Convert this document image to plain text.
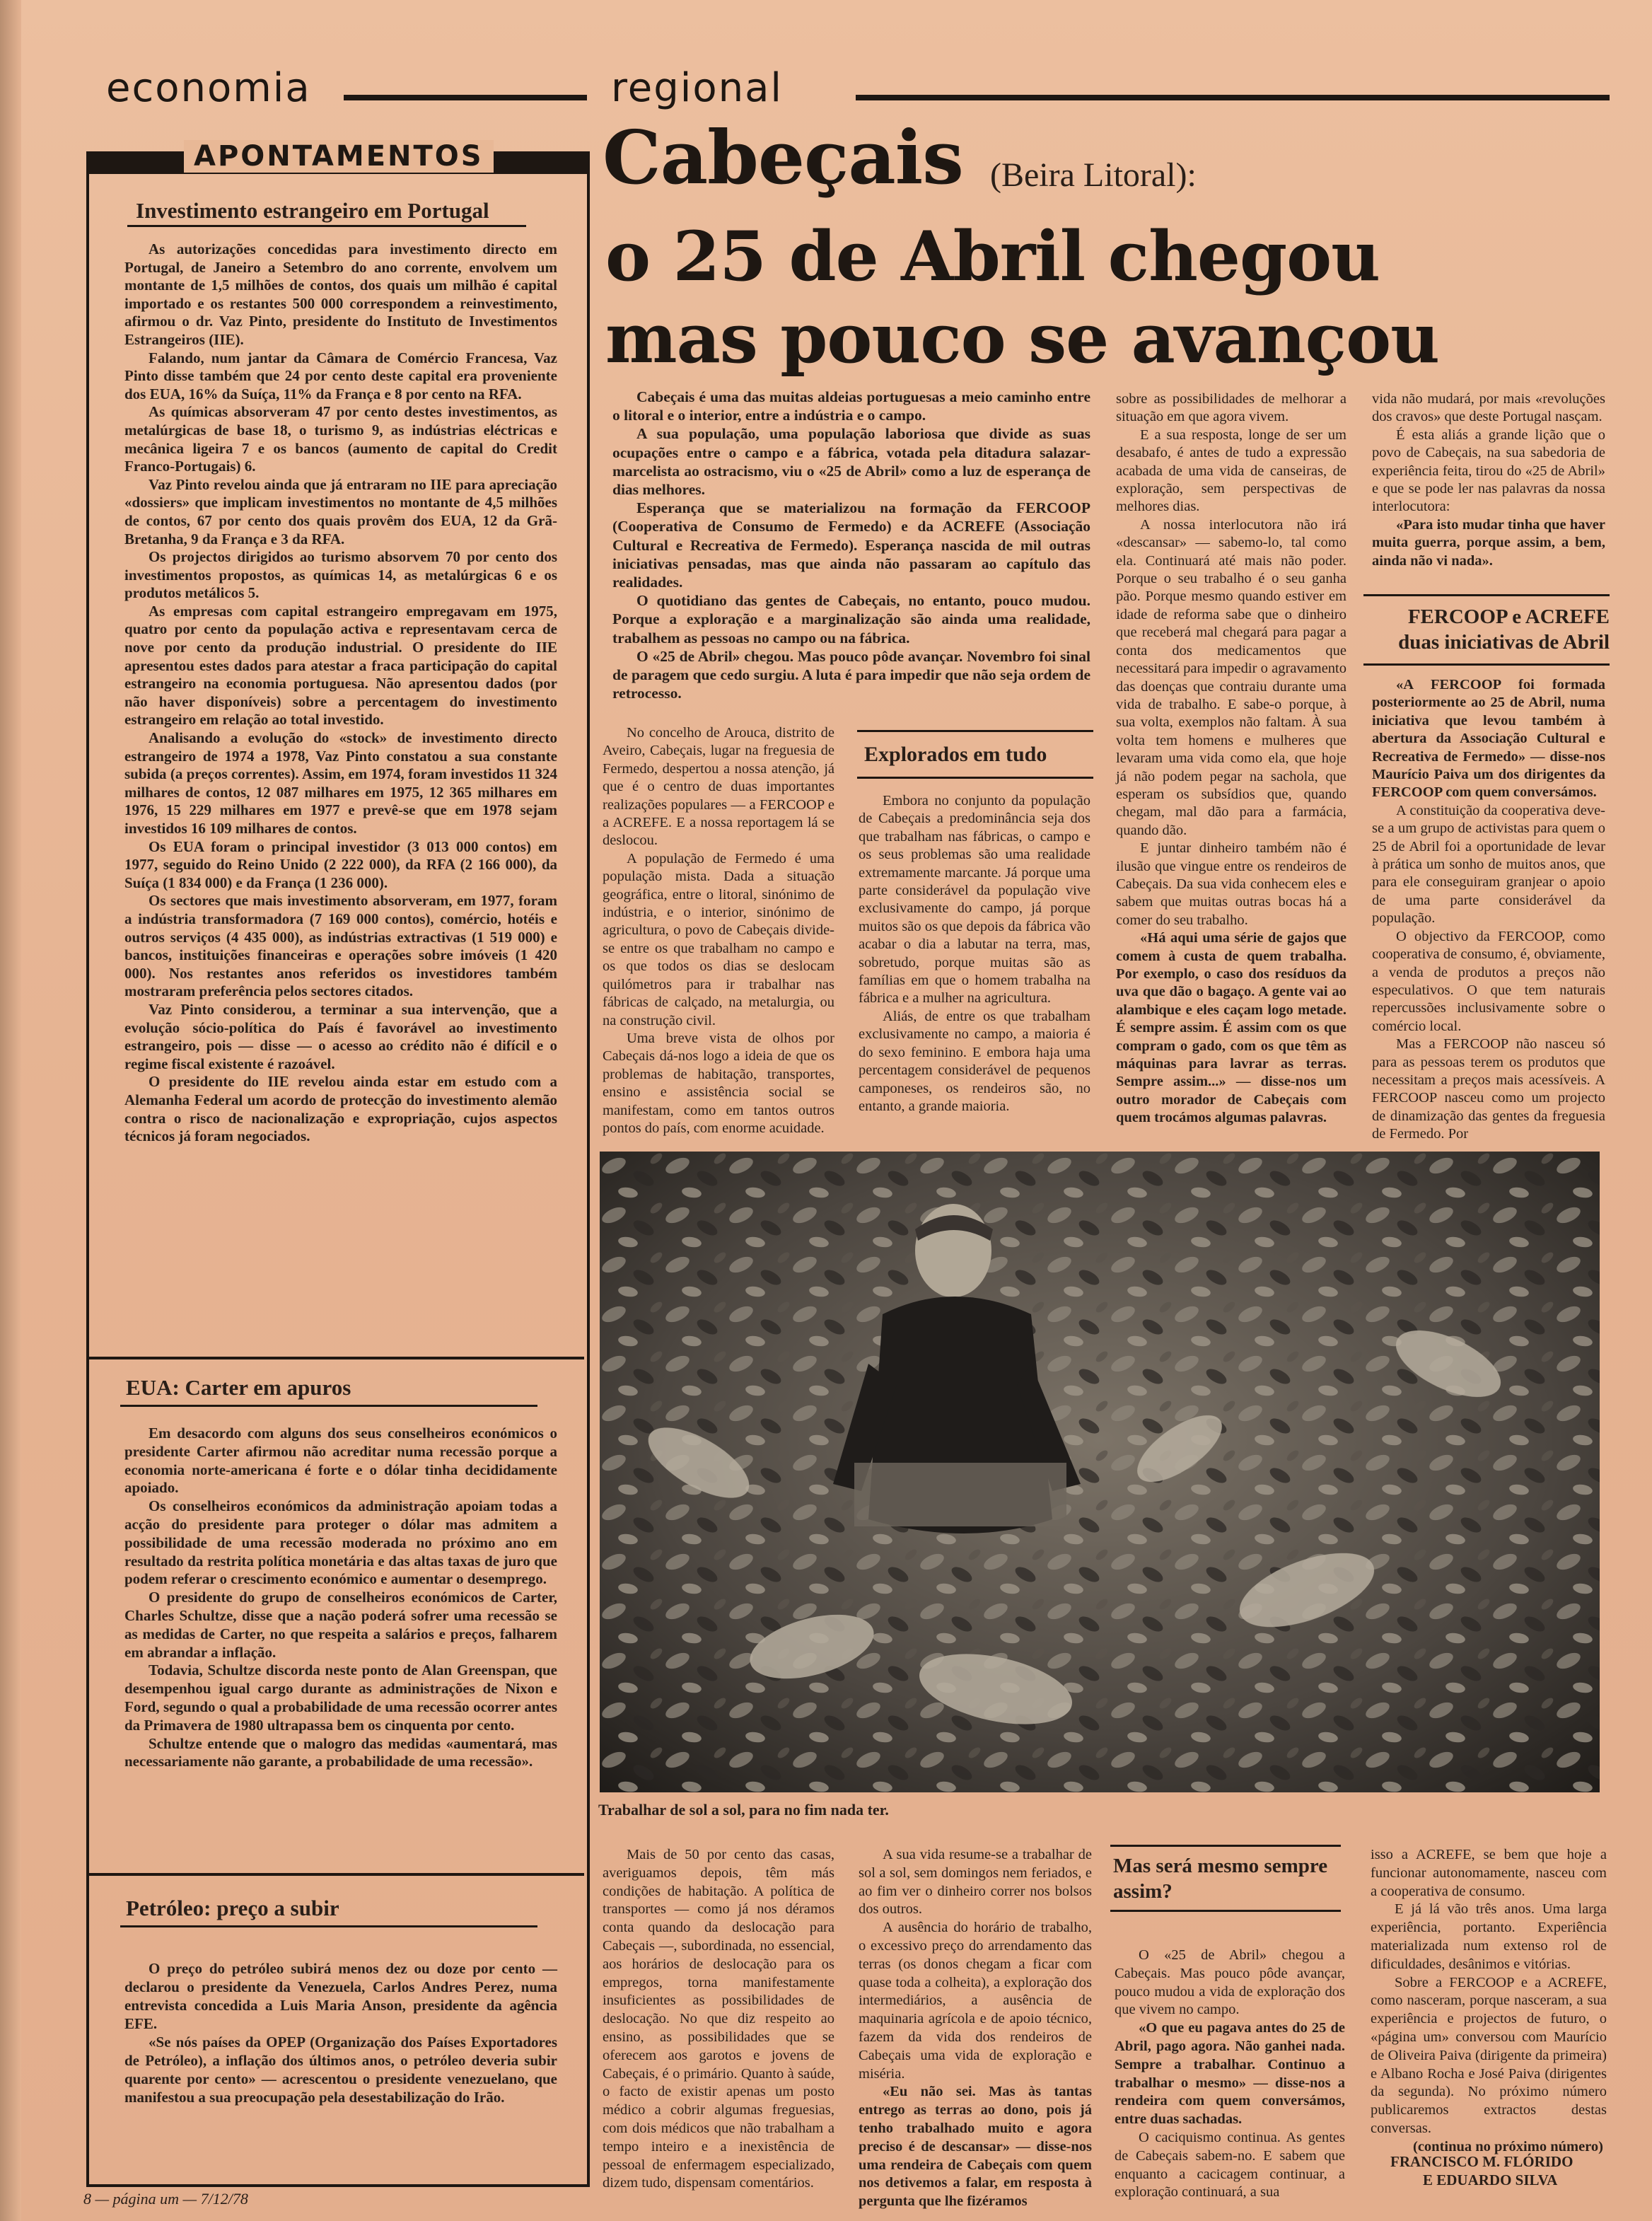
economia	regional
APONTAMENTOS
Investimento estrangeiro em Portugal

As autorizações concedidas para investimento directo em Portugal, de Janeiro a Setembro do ano corrente, envolvem um montante de 1,5 milhões de contos, dos quais um milhão é capital importado e os restantes 500 000 correspondem a reinvestimento, afirmou o dr. Vaz Pinto, presidente do Instituto de Investimentos Estrangeiros (IIE).

Falando, num jantar da Câmara de Comércio Francesa, Vaz Pinto disse também que 24 por cento deste capital era proveniente dos EUA, 16% da Suíça, 11% da França e 8 por cento na RFA.

As químicas absorveram 47 por cento destes investimentos, as metalúrgicas de base 18, o turismo 9, as indústrias eléctricas e mecânica ligeira 7 e os bancos (aumento de capital do Credit Franco-Portugais) 6.

Vaz Pinto revelou ainda que já entraram no IIE para apreciação «dossiers» que implicam investimentos no montante de 4,5 milhões de contos, 67 por cento dos quais provêm dos EUA, 12 da Grã-Bretanha, 9 da França e 3 da RFA.

Os projectos dirigidos ao turismo absorvem 70 por cento dos investimentos propostos, as químicas 14, as metalúrgicas 6 e os produtos metálicos 5.

As empresas com capital estrangeiro empregavam em 1975, quatro por cento da população activa e representavam cerca de nove por cento da produção industrial. O presidente do IIE apresentou estes dados para atestar a fraca participação do capital estrangeiro na economia portuguesa. Não apresentou dados (por não haver disponíveis) sobre a percentagem do investimento estrangeiro em relação ao total investido.

Analisando a evolução do «stock» de investimento directo estrangeiro de 1974 a 1978, Vaz Pinto constatou a sua constante subida (a preços correntes). Assim, em 1974, foram investidos 11 324 milhares de contos, 12 087 milhares em 1975, 12 365 milhares em 1976, 15 229 milhares em 1977 e prevê-se que em 1978 sejam investidos 16 109 milhares de contos.

Os EUA foram o principal investidor (3 013 000 contos) em 1977, seguido do Reino Unido (2 222 000), da RFA (2 166 000), da Suíça (1 834 000) e da França (1 236 000).

Os sectores que mais investimento absorveram, em 1977, foram a indústria transformadora (7 169 000 contos), comércio, hotéis e outros serviços (4 435 000), as indústrias extractivas (1 519 000) e bancos, instituições financeiras e operações sobre imóveis (1 420 000). Nos restantes anos referidos os investidores também mostraram preferência pelos sectores citados.

Vaz Pinto considerou, a terminar a sua intervenção, que a evolução sócio-política do País é favorável ao investimento estrangeiro, pois — disse — o acesso ao crédito não é difícil e o regime fiscal existente é razoável.

O presidente do IIE revelou ainda estar em estudo com a Alemanha Federal um acordo de protecção do investimento alemão contra o risco de nacionalização e expropriação, cujos aspectos técnicos já foram negociados.

EUA: Carter em apuros

Em desacordo com alguns dos seus conselheiros económicos o presidente Carter afirmou não acreditar numa recessão porque a economia norte-americana é forte e o dólar tinha decididamente apoiado.

Os conselheiros económicos da administração apoiam todas a acção do presidente para proteger o dólar mas admitem a possibilidade de uma recessão moderada no próximo ano em resultado da restrita política monetária e das altas taxas de juro que podem referar o crescimento económico e aumentar o desemprego.

O presidente do grupo de conselheiros económicos de Carter, Charles Schultze, disse que a nação poderá sofrer uma recessão se as medidas de Carter, no que respeita a salários e preços, falharem em abrandar a inflação.

Todavia, Schultze discorda neste ponto de Alan Greenspan, que desempenhou igual cargo durante as administrações de Nixon e Ford, segundo o qual a probabilidade de uma recessão ocorrer antes da Primavera de 1980 ultrapassa bem os cinquenta por cento.

Schultze entende que o malogro das medidas «aumentará, mas necessariamente não garante, a probabilidade de uma recessão».

Petróleo: preço a subir

O preço do petróleo subirá menos dez ou doze por cento — declarou o presidente da Venezuela, Carlos Andres Perez, numa entrevista concedida a Luis Maria Anson, presidente da agência EFE.

«Se nós países da OPEP (Organização dos Países Exportadores de Petróleo), a inflação dos últimos anos, o petróleo deveria subir quarente por cento» — acrescentou o presidente venezuelano, que manifestou a sua preocupação pela desestabilização do Irão.

Cabeçais (Beira Litoral):
o 25 de Abril chegou
mas pouco se avançou

Cabeçais é uma das muitas aldeias portuguesas a meio caminho entre o litoral e o interior, entre a indústria e o campo.

A sua população, uma população laboriosa que divide as suas ocupações entre o campo e a fábrica, votada pela ditadura salazar-marcelista ao ostracismo, viu o «25 de Abril» como a luz de esperança de dias melhores.

Esperança que se materializou na formação da FERCOOP (Cooperativa de Consumo de Fermedo) e da ACREFE (Associação Cultural e Recreativa de Fermedo). Esperança nascida de mil outras iniciativas pensadas, mas que ainda não passaram ao capítulo das realidades.

O quotidiano das gentes de Cabeçais, no entanto, pouco mudou. Porque a exploração e a marginalização são ainda uma realidade, trabalhem as pessoas no campo ou na fábrica.

O «25 de Abril» chegou. Mas pouco pôde avançar. Novembro foi sinal de paragem que cedo surgiu. A luta é para impedir que não seja ordem de retrocesso.

No concelho de Arouca, distrito de Aveiro, Cabeçais, lugar na freguesia de Fermedo, despertou a nossa atenção, já que é o centro de duas importantes realizações populares — a FERCOOP e a ACREFE. E a nossa reportagem lá se deslocou.

A população de Fermedo é uma população mista. Dada a situação geográfica, entre o litoral, sinónimo de indústria, e o interior, sinónimo de agricultura, o povo de Cabeçais divide-se entre os que trabalham no campo e os que todos os dias se deslocam quilómetros para ir trabalhar nas fábricas de calçado, na metalurgia, ou na construção civil.

Uma breve vista de olhos por Cabeçais dá-nos logo a ideia de que os problemas de habitação, transportes, ensino e assistência social se manifestam, como em tantos outros pontos do país, com enorme acuidade.

Explorados em tudo

Embora no conjunto da população de Cabeçais a predominância seja dos que trabalham nas fábricas, o campo e os seus problemas são uma realidade extremamente marcante. Já porque uma parte considerável da população vive exclusivamente do campo, já porque muitos são os que depois da fábrica vão acabar o dia a labutar na terra, mas, sobretudo, porque muitas são as famílias em que o homem trabalha na fábrica e a mulher na agricultura.

Aliás, de entre os que trabalham exclusivamente no campo, a maioria é do sexo feminino. E embora haja uma percentagem considerável de pequenos camponeses, os rendeiros são, no entanto, a grande maioria.

sobre as possibilidades de melhorar a situação em que agora vivem.

E a sua resposta, longe de ser um desabafo, é antes de tudo a expressão acabada de uma vida de canseiras, de exploração, sem perspectivas de melhores dias.

A nossa interlocutora não irá «descansar» — sabemo-lo, tal como ela. Continuará até mais não poder. Porque o seu trabalho é o seu ganha pão. Porque mesmo quando estiver em idade de reforma sabe que o dinheiro que receberá mal chegará para pagar a conta dos medicamentos que necessitará para impedir o agravamento das doenças que contraiu durante uma vida de trabalho. E sabe-o porque, à sua volta, exemplos não faltam. À sua volta tem homens e mulheres que levaram uma vida como ela, que hoje já não podem pegar na sachola, que esperam os subsídios que, quando chegam, mal dão para a farmácia, quando dão.

E juntar dinheiro também não é ilusão que vingue entre os rendeiros de Cabeçais. Da sua vida conhecem eles e sabem que muitas outras bocas há a comer do seu trabalho.

«Há aqui uma série de gajos que comem à custa de quem trabalha. Por exemplo, o caso dos resíduos da uva que dão o bagaço. A gente vai ao alambique e eles caçam logo metade. É sempre assim. É assim com os que compram o gado, com os que têm as máquinas para lavrar as terras. Sempre assim...» — disse-nos um outro morador de Cabeçais com quem trocámos algumas palavras.

vida não mudará, por mais «revoluções dos cravos» que deste Portugal nasçam.

É esta aliás a grande lição que o povo de Cabeçais, na sua sabedoria de experiência feita, tirou do «25 de Abril» e que se pode ler nas palavras da nossa interlocutora:

«Para isto mudar tinha que haver muita guerra, porque assim, a bem, ainda não vi nada».

FERCOOP e ACREFE duas iniciativas de Abril

«A FERCOOP foi formada posteriormente ao 25 de Abril, numa iniciativa que levou também à abertura da Associação Cultural e Recreativa de Fermedo» — disse-nos Maurício Paiva um dos dirigentes da FERCOOP com quem conversámos.

A constituição da cooperativa deve-se a um grupo de activistas para quem o 25 de Abril foi a oportunidade de levar à prática um sonho de muitos anos, que para ele conseguiram granjear o apoio de uma parte considerável da população.

O objectivo da FERCOOP, como cooperativa de consumo, é, obviamente, a venda de produtos a preços não especulativos. O que tem naturais repercussões inclusivamente sobre o comércio local.

Mas a FERCOOP não nasceu só para as pessoas terem os produtos que necessitam a preços mais acessíveis. A FERCOOP nasceu como um projecto de dinamização das gentes da freguesia de Fermedo. Por

Trabalhar de sol a sol, para no fim nada ter.

Mais de 50 por cento das casas, averiguamos depois, têm más condições de habitação. A política de transportes — como já nos déramos conta quando da deslocação para Cabeçais —, subordinada, no essencial, aos horários de deslocação para os empregos, torna manifestamente insuficientes as possibilidades de deslocação. No que diz respeito ao ensino, as possibilidades que se oferecem aos garotos e jovens de Cabeçais, é o primário. Quanto à saúde, o facto de existir apenas um posto médico a cobrir algumas freguesias, com dois médicos que não trabalham a tempo inteiro e a inexistência de pessoal de enfermagem especializado, dizem tudo, dispensam comentários.

A sua vida resume-se a trabalhar de sol a sol, sem domingos nem feriados, e ao fim ver o dinheiro correr nos bolsos dos outros.

A ausência do horário de trabalho, o excessivo preço do arrendamento das terras (os donos chegam a ficar com quase toda a colheita), a exploração dos intermediários, a ausência de maquinaria agrícola e de apoio técnico, fazem da vida dos rendeiros de Cabeçais uma vida de exploração e miséria.

«Eu não sei. Mas às tantas entrego as terras ao dono, pois já tenho trabalhado muito e agora preciso é de descansar» — disse-nos uma rendeira de Cabeçais com quem nos detivemos a falar, em resposta à pergunta que lhe fizéramos

Mas será mesmo sempre assim?

O «25 de Abril» chegou a Cabeçais. Mas pouco pôde avançar, pouco mudou a vida de exploração dos que vivem no campo.

«O que eu pagava antes do 25 de Abril, pago agora. Não ganhei nada. Sempre a trabalhar. Continuo a trabalhar o mesmo» — disse-nos a rendeira com quem conversámos, entre duas sachadas.

O caciquismo continua. As gentes de Cabeçais sabem-no. E sabem que enquanto a cacicagem continuar, a exploração continuará, a sua

isso a ACREFE, se bem que hoje a funcionar autonomamente, nasceu com a cooperativa de consumo.

E já lá vão três anos. Uma larga experiência, portanto. Experiência materializada num extenso rol de dificuldades, desânimos e vitórias.

Sobre a FERCOOP e a ACREFE, como nasceram, porque nasceram, a sua experiência e projectos de futuro, o «página um» conversou com Maurício de Oliveira Paiva (dirigente da primeira) e Albano Rocha e José Paiva (dirigentes da segunda). No próximo número publicaremos extractos destas conversas.

(continua no próximo número)

FRANCISCO M. FLÓRIDO
E EDUARDO SILVA
8 — página um — 7/12/78
